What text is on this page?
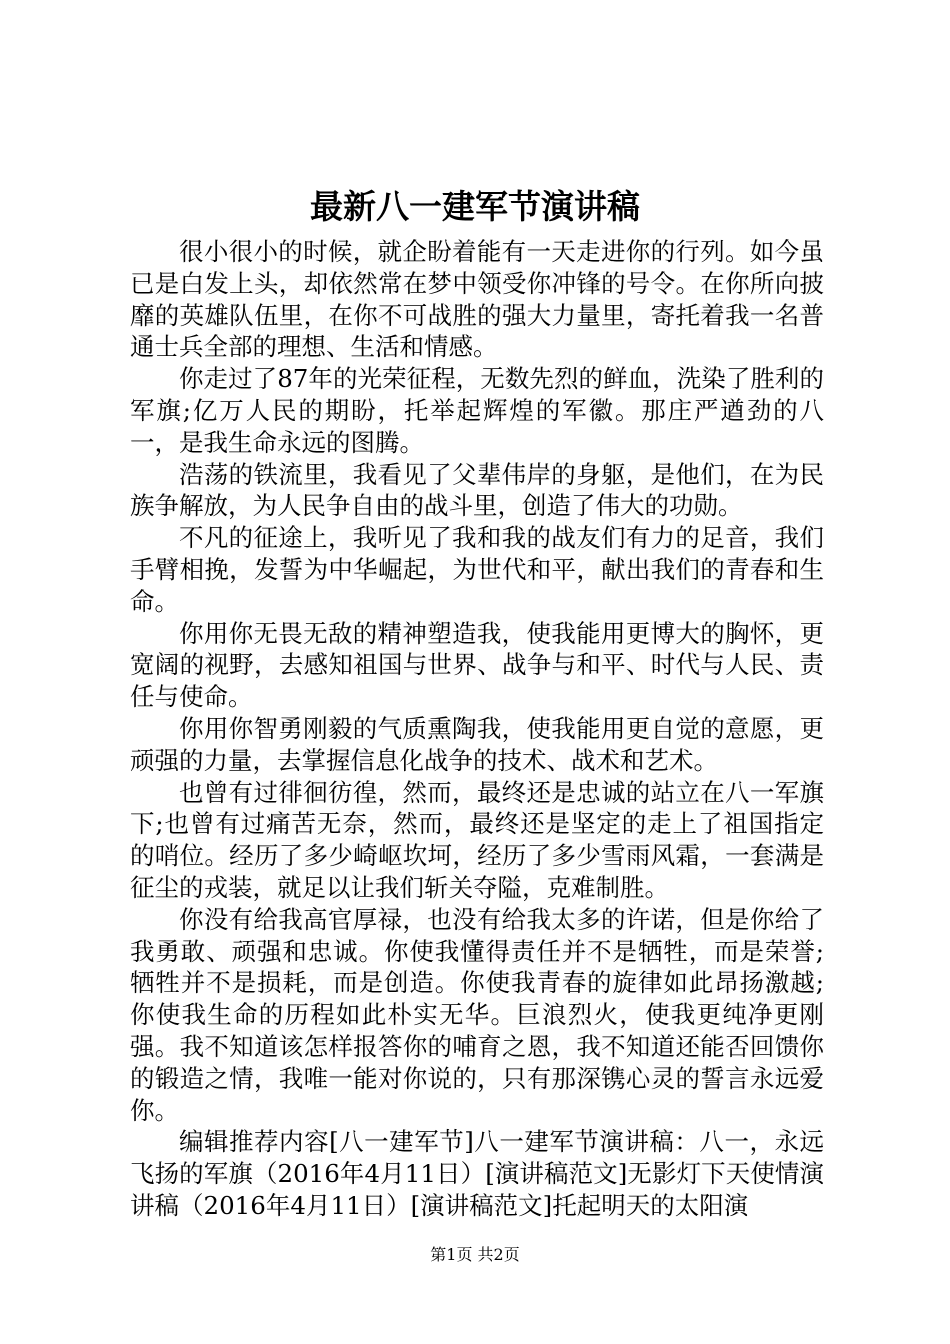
最新八一建军节演讲稿

很小很小的时候，就企盼着能有一天走进你的行列。如今虽已是白发上头，却依然常在梦中领受你冲锋的号令。在你所向披靡的英雄队伍里，在你不可战胜的强大力量里，寄托着我一名普通士兵全部的理想、生活和情感。

你走过了87年的光荣征程，无数先烈的鲜血，洗染了胜利的军旗;亿万人民的期盼，托举起辉煌的军徽。那庄严遒劲的八一，是我生命永远的图腾。

浩荡的铁流里，我看见了父辈伟岸的身躯，是他们，在为民族争解放，为人民争自由的战斗里，创造了伟大的功勋。

不凡的征途上，我听见了我和我的战友们有力的足音，我们手臂相挽，发誓为中华崛起，为世代和平，献出我们的青春和生命。

你用你无畏无敌的精神塑造我，使我能用更博大的胸怀，更宽阔的视野，去感知祖国与世界、战争与和平、时代与人民、责任与使命。

你用你智勇刚毅的气质熏陶我，使我能用更自觉的意愿，更顽强的力量，去掌握信息化战争的技术、战术和艺术。

也曾有过徘徊彷徨，然而，最终还是忠诚的站立在八一军旗下;也曾有过痛苦无奈，然而，最终还是坚定的走上了祖国指定的哨位。经历了多少崎岖坎坷，经历了多少雪雨风霜，一套满是征尘的戎装，就足以让我们斩关夺隘，克难制胜。

你没有给我高官厚禄，也没有给我太多的许诺，但是你给了我勇敢、顽强和忠诚。你使我懂得责任并不是牺牲，而是荣誉;牺牲并不是损耗，而是创造。你使我青春的旋律如此昂扬激越;你使我生命的历程如此朴实无华。巨浪烈火，使我更纯净更刚强。我不知道该怎样报答你的哺育之恩，我不知道还能否回馈你的锻造之情，我唯一能对你说的，只有那深镌心灵的誓言永远爱你。

编辑推荐内容[八一建军节]八一建军节演讲稿：八一，永远飞扬的军旗（2016年4月11日）[演讲稿范文]无影灯下天使情演讲稿（2016年4月11日）[演讲稿范文]托起明天的太阳演

第1页 共2页
